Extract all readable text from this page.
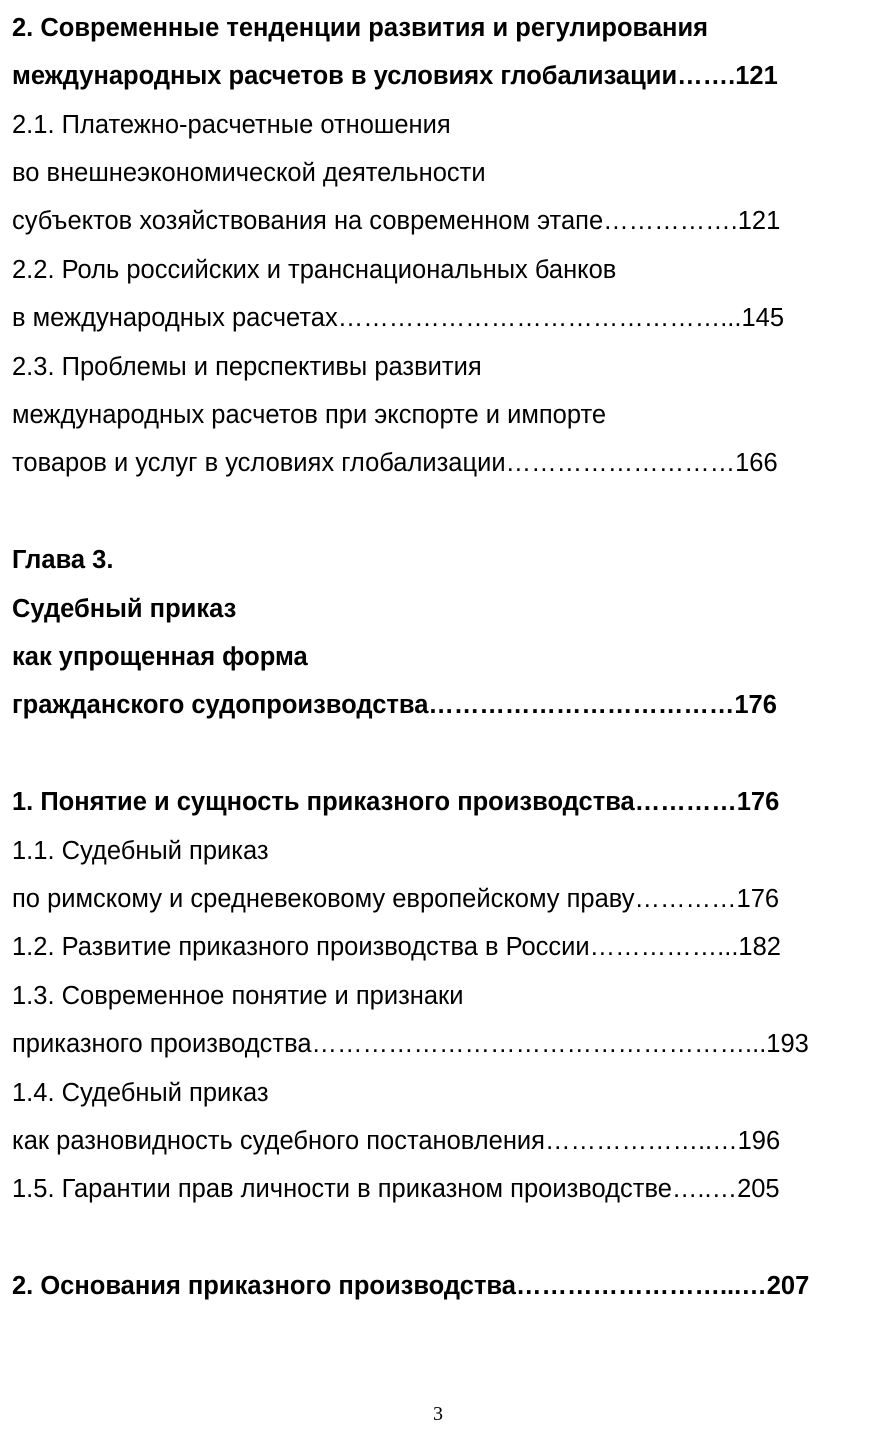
2. Современные тенденции развития и регулирования
международных расчетов в условиях глобализации…….121
2.1. Платежно-расчетные отношения
во внешнеэкономической деятельности
субъектов хозяйствования на современном этапе…………….121
2.2. Роль российских и транснациональных банков
в международных расчетах………………………………………...145
2.3. Проблемы и перспективы развития
международных расчетов при экспорте и импорте
товаров и услуг в условиях глобализации………………………166
Глава 3.
Судебный приказ
как упрощенная форма
гражданского судопроизводства………………………………176
1. Понятие и сущность приказного производства…………176
1.1. Судебный приказ
по римскому и средневековому европейскому праву…………176
1.2. Развитие приказного производства в России……………...182
1.3. Современное понятие и признаки
приказного производства……………………………………………...193
1.4. Судебный приказ
как разновидность судебного постановления………………..…196
1.5. Гарантии прав личности в приказном производстве…..…205
2. Основания приказного производства……………………...…207
3
